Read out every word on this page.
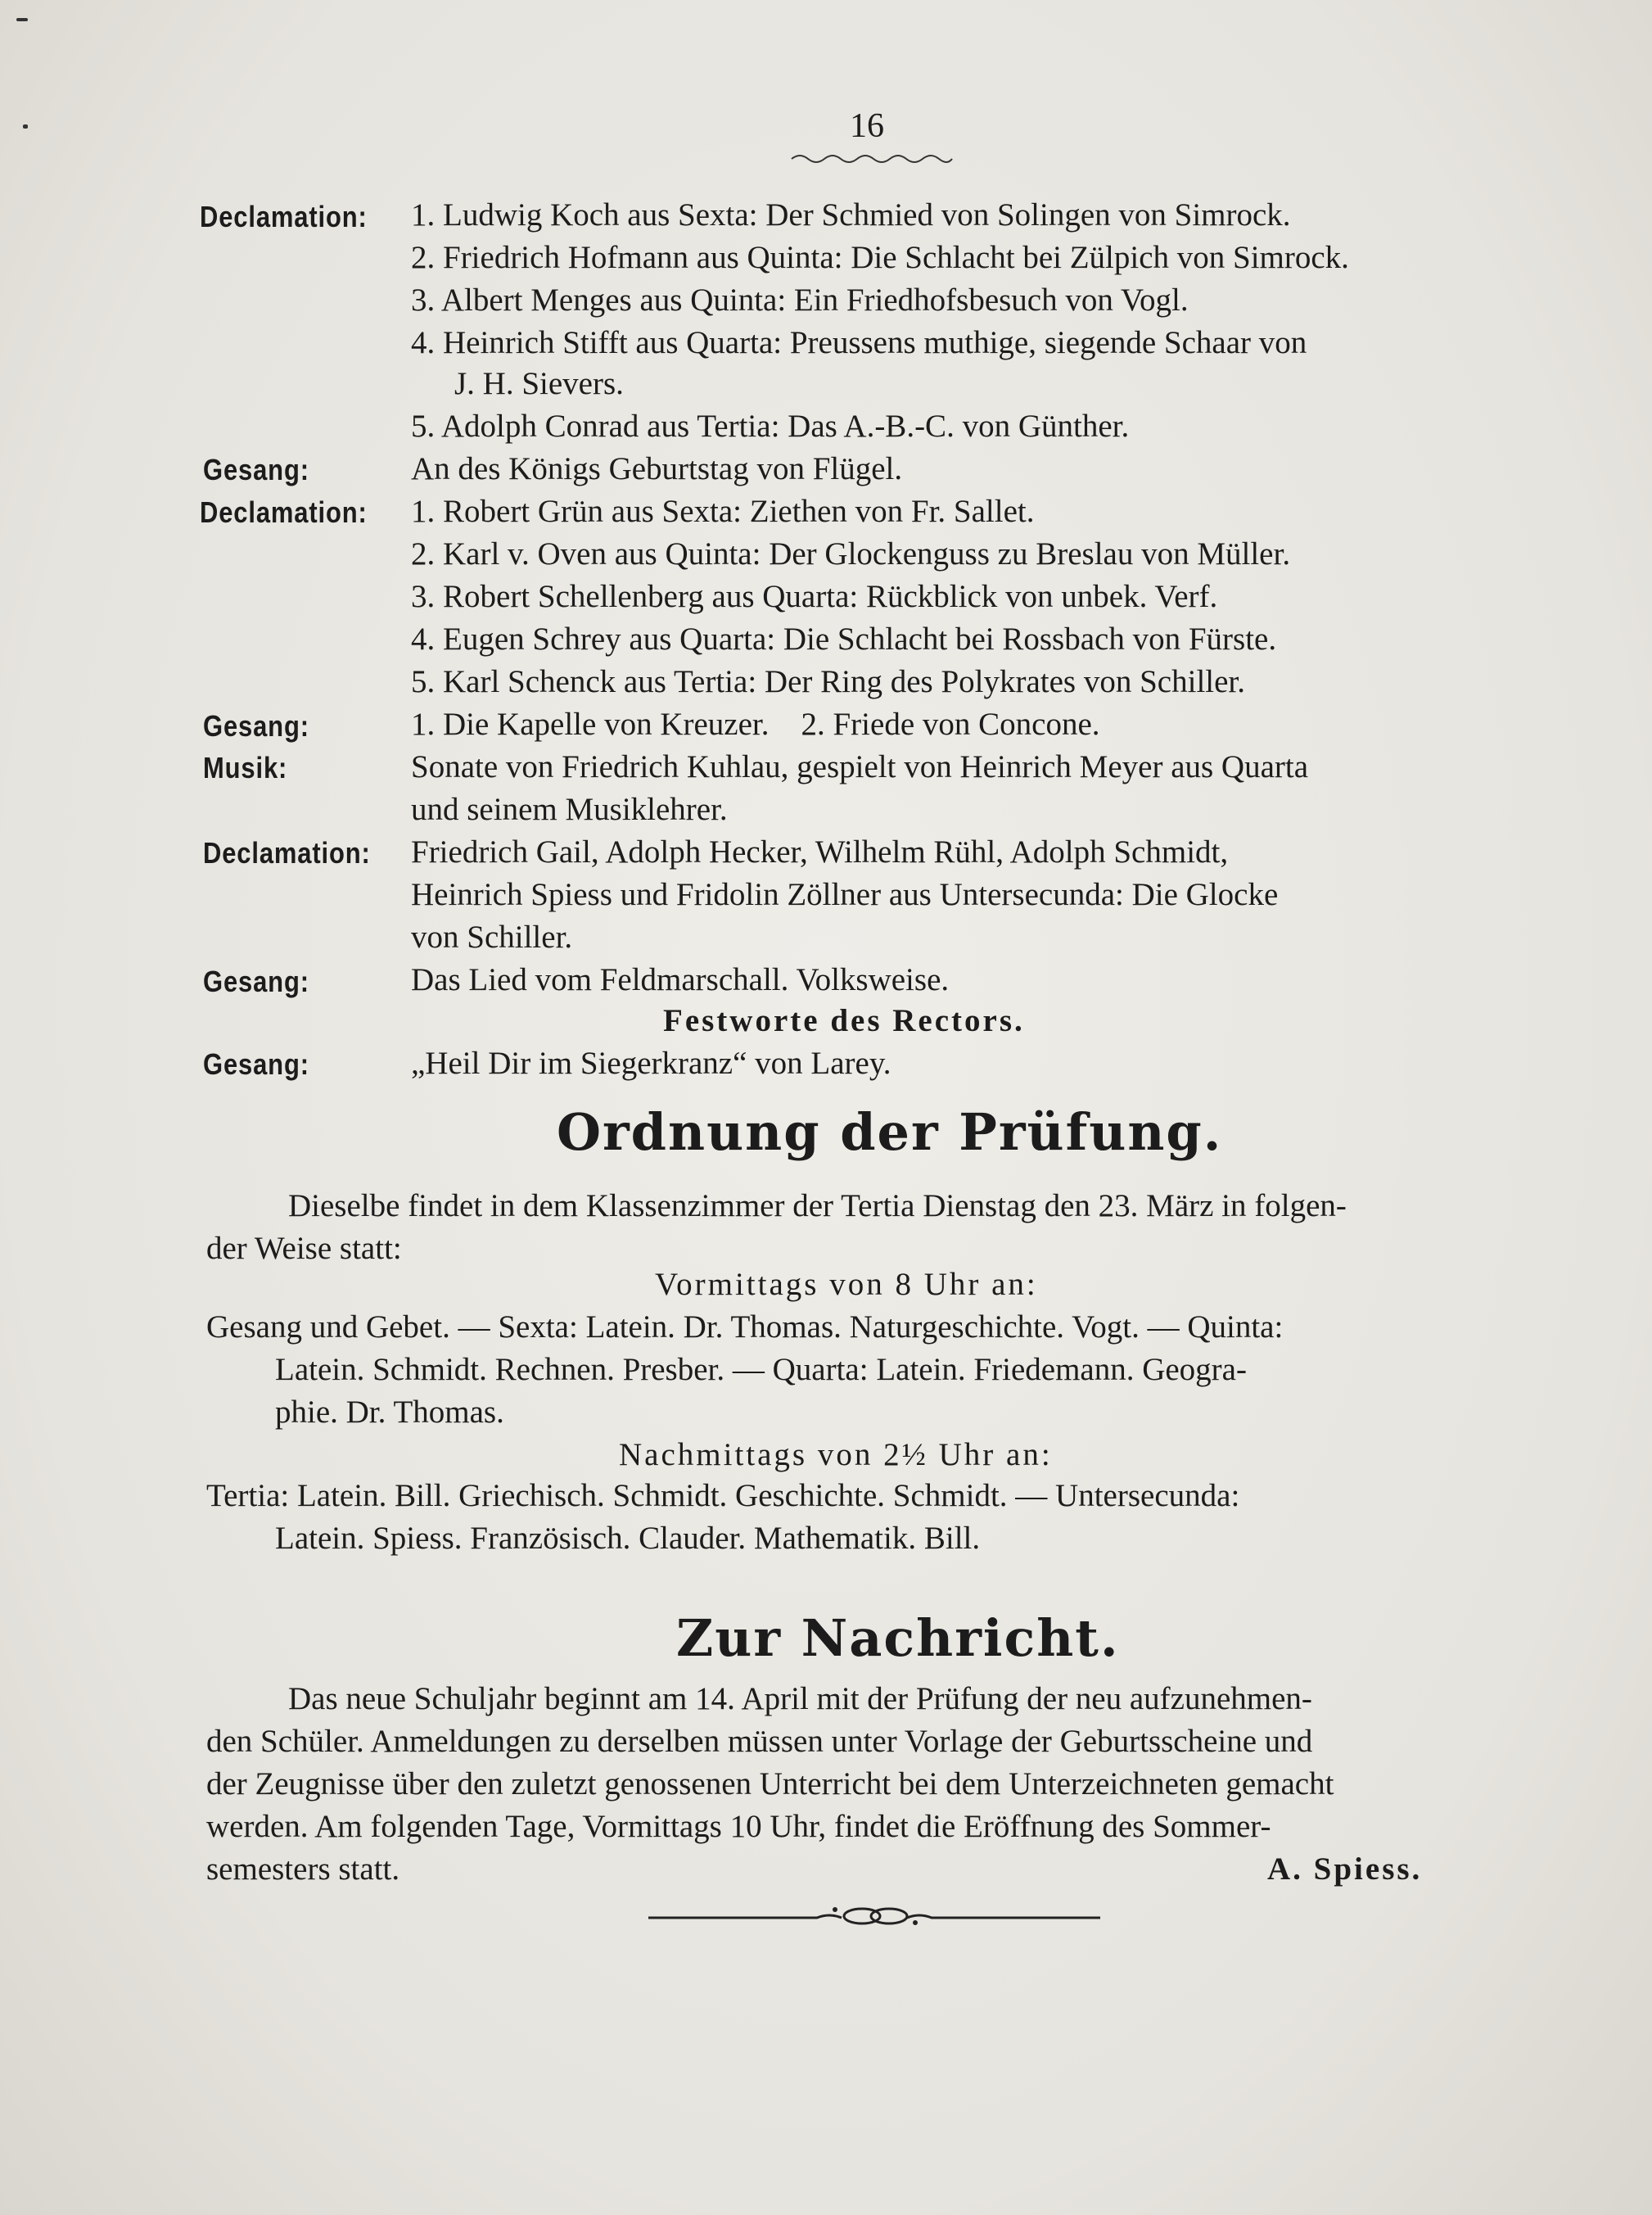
16
Declamation:
Gesang:
Declamation:
Gesang:
Musik:
Declamation:
Gesang:
Gesang:
1. Ludwig Koch aus Sexta: Der Schmied von Solingen von Simrock.
2. Friedrich Hofmann aus Quinta: Die Schlacht bei Zülpich von Simrock.
3. Albert Menges aus Quinta: Ein Friedhofsbesuch von Vogl.
4. Heinrich Stifft aus Quarta: Preussens muthige, siegende Schaar von
J. H. Sievers.
5. Adolph Conrad aus Tertia: Das A.-B.-C. von Günther.
An des Königs Geburtstag von Flügel.
1. Robert Grün aus Sexta: Ziethen von Fr. Sallet.
2. Karl v. Oven aus Quinta: Der Glockenguss zu Breslau von Müller.
3. Robert Schellenberg aus Quarta: Rückblick von unbek. Verf.
4. Eugen Schrey aus Quarta: Die Schlacht bei Rossbach von Fürste.
5. Karl Schenck aus Tertia: Der Ring des Polykrates von Schiller.
1. Die Kapelle von Kreuzer.    2. Friede von Concone.
Sonate von Friedrich Kuhlau, gespielt von Heinrich Meyer aus Quarta
und seinem Musiklehrer.
Friedrich Gail, Adolph Hecker, Wilhelm Rühl, Adolph Schmidt,
Heinrich Spiess und Fridolin Zöllner aus Untersecunda: Die Glocke
von Schiller.
Das Lied vom Feldmarschall. Volksweise.
Festworte des Rectors.
„Heil Dir im Siegerkranz“ von Larey.
Ordnung der Prüfung.
Dieselbe findet in dem Klassenzimmer der Tertia Dienstag den 23. März in folgen-
der Weise statt:
Vormittags von 8 Uhr an:
Gesang und Gebet. — Sexta: Latein. Dr. Thomas. Naturgeschichte. Vogt. — Quinta:
Latein. Schmidt. Rechnen. Presber. — Quarta: Latein. Friedemann. Geogra-
phie. Dr. Thomas.
Nachmittags von 2½ Uhr an:
Tertia: Latein. Bill. Griechisch. Schmidt. Geschichte. Schmidt. — Untersecunda:
Latein. Spiess. Französisch. Clauder. Mathematik. Bill.
Zur Nachricht.
Das neue Schuljahr beginnt am 14. April mit der Prüfung der neu aufzunehmen-
den Schüler. Anmeldungen zu derselben müssen unter Vorlage der Geburtsscheine und
der Zeugnisse über den zuletzt genossenen Unterricht bei dem Unterzeichneten gemacht
werden. Am folgenden Tage, Vormittags 10 Uhr, findet die Eröffnung des Sommer-
semesters statt.	A. Spiess.
